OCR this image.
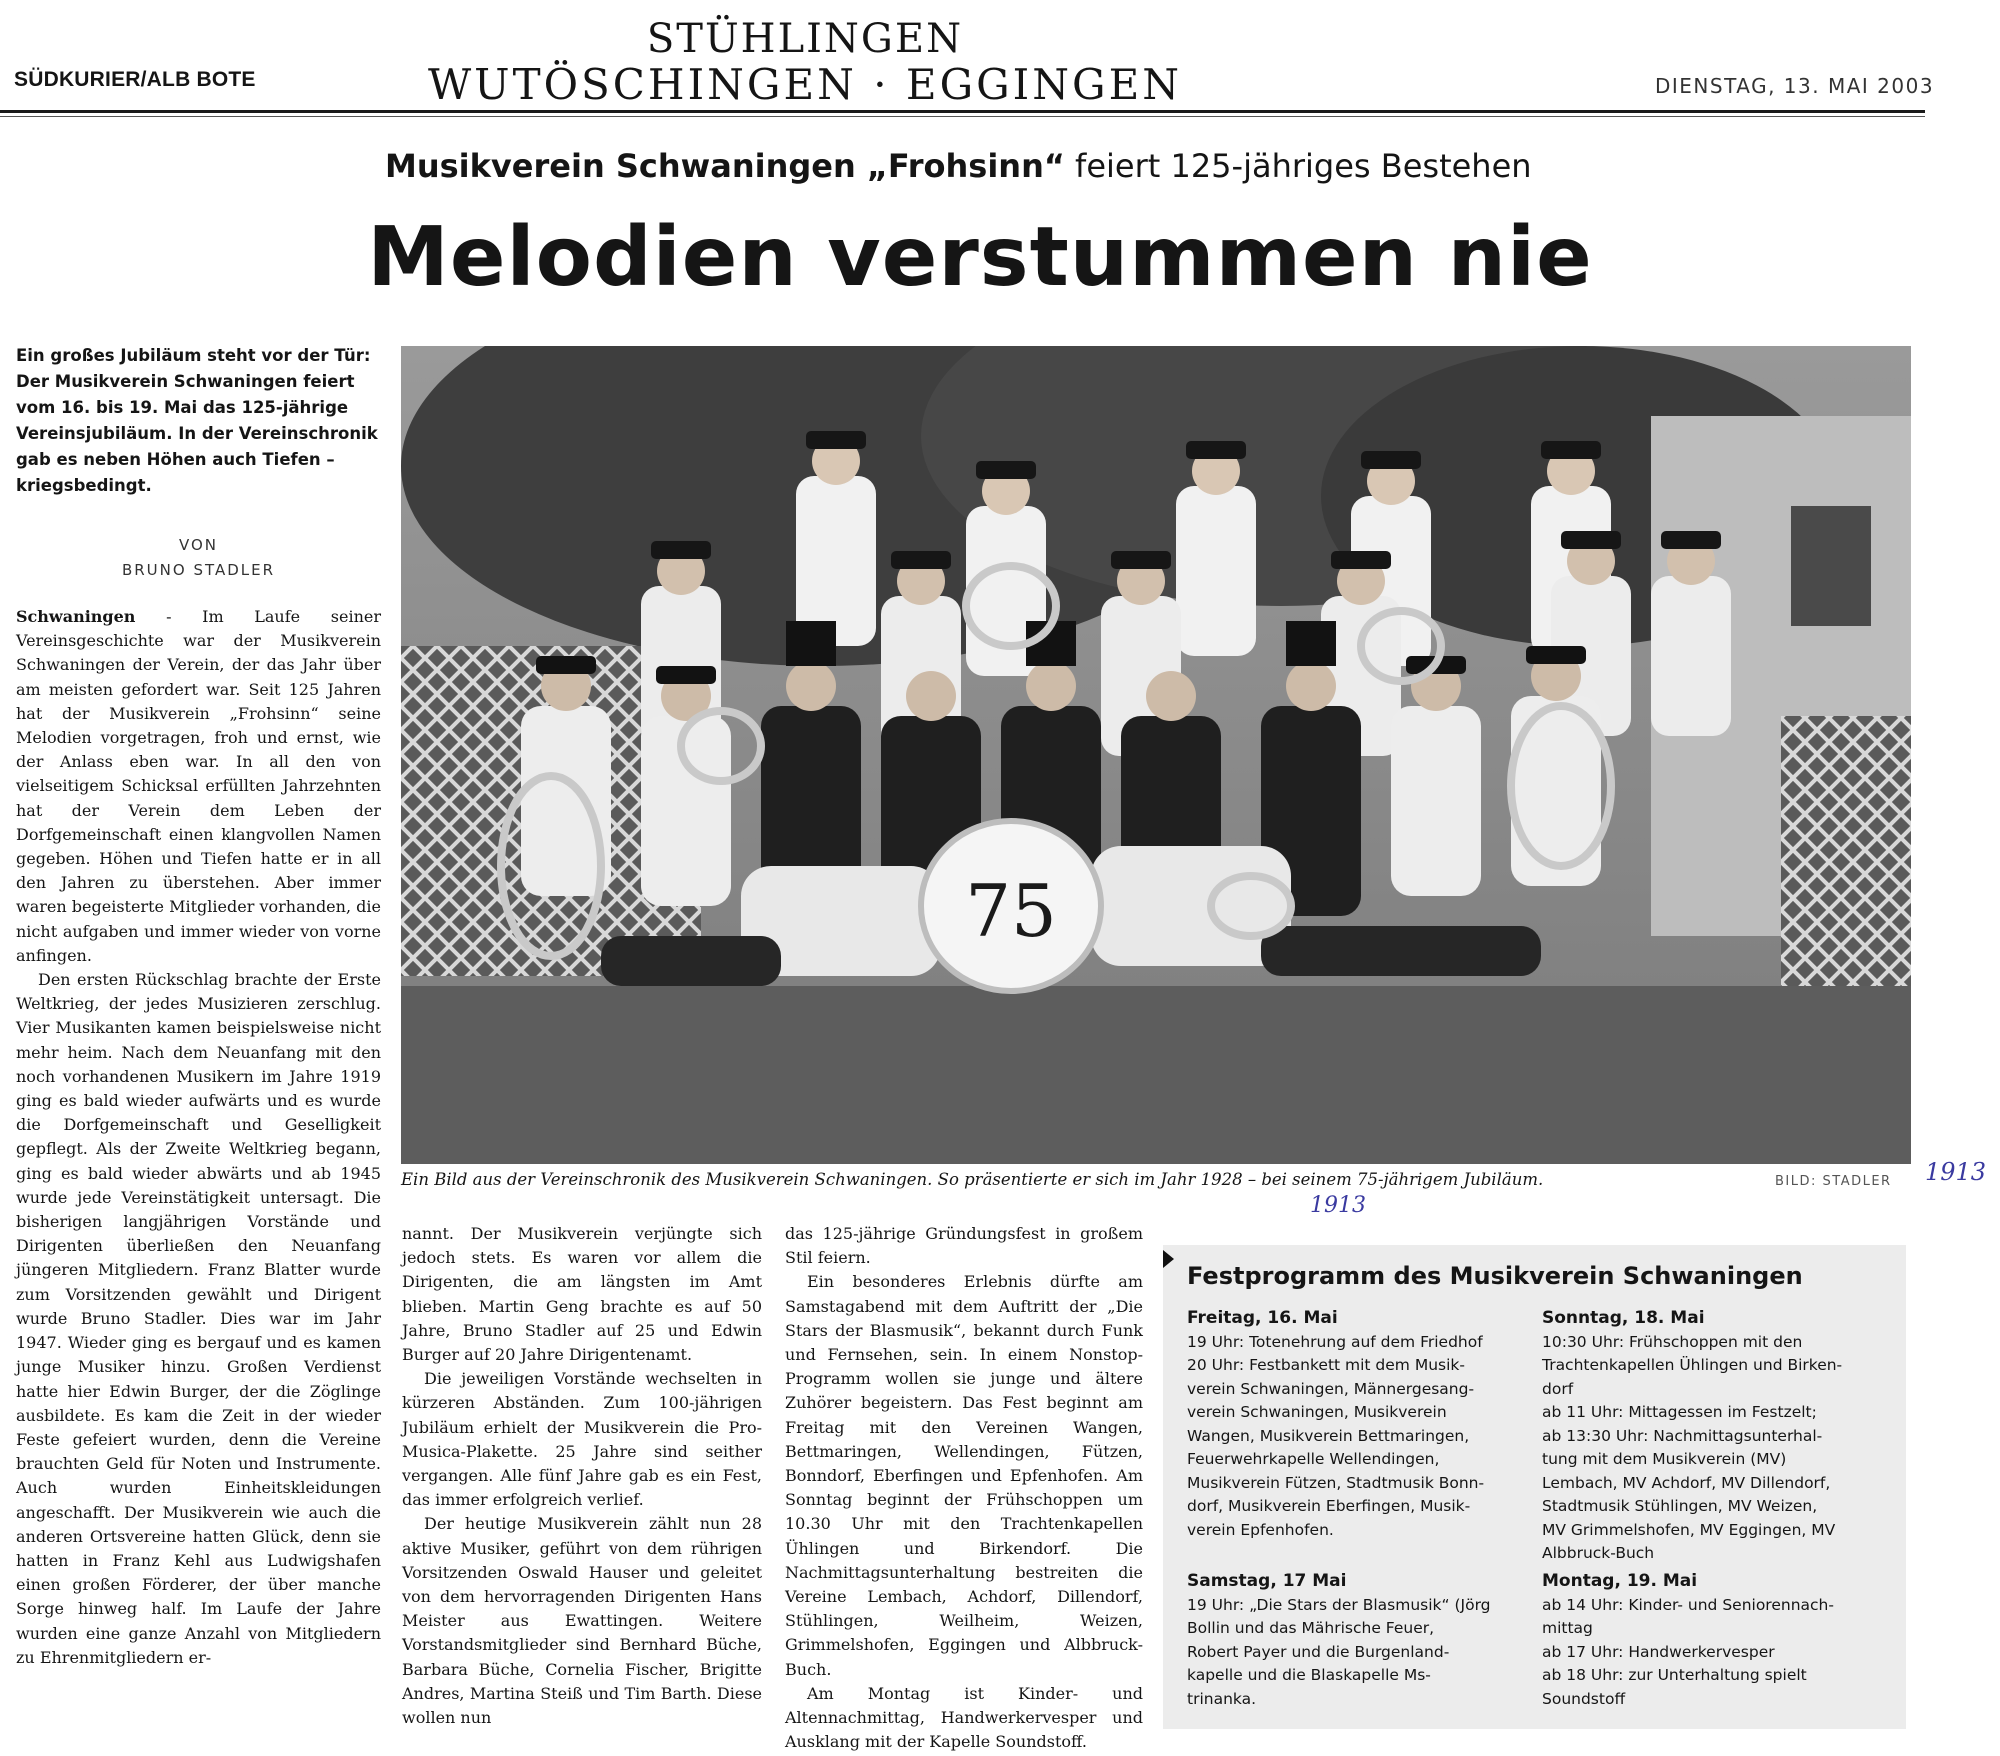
SÜDKURIER/ALB BOTE
STÜHLINGEN
WUTÖSCHINGEN · EGGINGEN	DIENSTAG, 13. MAI 2003
Musikverein Schwaningen „Frohsinn“ feiert 125-jähriges Bestehen
Melodien verstummen nie
Ein großes Jubiläum steht vor der Tür: Der Musikverein Schwaningen feiert vom 16. bis 19. Mai das 125-jährige Vereinsjubiläum. In der Vereinschronik gab es neben Höhen auch Tiefen – kriegsbedingt.
VON
BRUNO STADLER

Schwaningen - Im Laufe seiner Vereinsgeschichte war der Musikverein Schwaningen der Verein, der das Jahr über am meisten gefordert war. Seit 125 Jahren hat der Musikverein „Frohsinn“ seine Melodien vorgetragen, froh und ernst, wie der Anlass eben war. In all den von vielseitigem Schicksal erfüllten Jahrzehnten hat der Verein dem Leben der Dorfgemeinschaft einen klangvollen Namen gegeben. Höhen und Tiefen hatte er in all den Jahren zu überstehen. Aber immer waren begeisterte Mitglieder vorhanden, die nicht aufgaben und immer wieder von vorne anfingen.

Den ersten Rückschlag brachte der Erste Weltkrieg, der jedes Musizieren zerschlug. Vier Musikanten kamen beispielsweise nicht mehr heim. Nach dem Neuanfang mit den noch vorhandenen Musikern im Jahre 1919 ging es bald wieder aufwärts und es wurde die Dorfgemeinschaft und Geselligkeit gepflegt. Als der Zweite Weltkrieg begann, ging es bald wieder abwärts und ab 1945 wurde jede Vereinstätigkeit untersagt. Die bisherigen langjährigen Vorstände und Dirigenten überließen den Neuanfang jüngeren Mitgliedern. Franz Blatter wurde zum Vorsitzenden gewählt und Dirigent wurde Bruno Stadler. Dies war im Jahr 1947. Wieder ging es bergauf und es kamen junge Musiker hinzu. Großen Verdienst hatte hier Edwin Burger, der die Zöglinge ausbildete. Es kam die Zeit in der wieder Feste gefeiert wurden, denn die Vereine brauchten Geld für Noten und Instrumente. Auch wurden Einheitskleidungen angeschafft. Der Musikverein wie auch die anderen Ortsvereine hatten Glück, denn sie hatten in Franz Kehl aus Ludwigshafen einen großen Förderer, der über manche Sorge hinweg half. Im Laufe der Jahre wurden eine ganze Anzahl von Mitgliedern zu Ehrenmitgliedern er-

75
Ein Bild aus der Vereinschronik des Musikverein Schwaningen. So präsentierte er sich im Jahr 1928 – bei seinem 75-jährigem Jubiläum.	BILD: STADLER 1913
1913

nannt. Der Musikverein verjüngte sich jedoch stets. Es waren vor allem die Dirigenten, die am längsten im Amt blieben. Martin Geng brachte es auf 50 Jahre, Bruno Stadler auf 25 und Edwin Burger auf 20 Jahre Dirigentenamt.

Die jeweiligen Vorstände wechselten in kürzeren Abständen. Zum 100-jährigen Jubiläum erhielt der Musikverein die Pro-Musica-Plakette. 25 Jahre sind seither vergangen. Alle fünf Jahre gab es ein Fest, das immer erfolgreich verlief.

Der heutige Musikverein zählt nun 28 aktive Musiker, geführt von dem rührigen Vorsitzenden Oswald Hauser und geleitet von dem hervorragenden Dirigenten Hans Meister aus Ewattingen. Weitere Vorstandsmitglieder sind Bernhard Büche, Barbara Büche, Cornelia Fischer, Brigitte Andres, Martina Steiß und Tim Barth. Diese wollen nun

das 125-jährige Gründungsfest in großem Stil feiern.

Ein besonderes Erlebnis dürfte am Samstagabend mit dem Auftritt der „Die Stars der Blasmusik“, bekannt durch Funk und Fernsehen, sein. In einem Nonstop-Programm wollen sie junge und ältere Zuhörer begeistern. Das Fest beginnt am Freitag mit den Vereinen Wangen, Bettmaringen, Wellendingen, Fützen, Bonndorf, Eberfingen und Epfenhofen. Am Sonntag beginnt der Frühschoppen um 10.30 Uhr mit den Trachtenkapellen Ühlingen und Birkendorf. Die Nachmittagsunterhaltung bestreiten die Vereine Lembach, Achdorf, Dillendorf, Stühlingen, Weilheim, Weizen, Grimmelshofen, Eggingen und Albbruck-Buch.

Am Montag ist Kinder- und Altennachmittag, Handwerkervesper und Ausklang mit der Kapelle Soundstoff.

Festprogramm des Musikverein Schwaningen
Freitag, 16. Mai
19 Uhr: Totenehrung auf dem Friedhof
20 Uhr: Festbankett mit dem Musik-
verein Schwaningen, Männergesang-
verein Schwaningen, Musikverein
Wangen, Musikverein Bettmaringen,
Feuerwehrkapelle Wellendingen,
Musikverein Fützen, Stadtmusik Bonn-
dorf, Musikverein Eberfingen, Musik-
verein Epfenhofen.
Samstag, 17 Mai
19 Uhr: „Die Stars der Blasmusik“ (Jörg
Bollin und das Mährische Feuer,
Robert Payer und die Burgenland-
kapelle und die Blaskapelle Ms-
trinanka.
Sonntag, 18. Mai
10:30 Uhr: Frühschoppen mit den
Trachtenkapellen Ühlingen und Birken-
dorf
ab 11 Uhr: Mittagessen im Festzelt;
ab 13:30 Uhr: Nachmittagsunterhal-
tung mit dem Musikverein (MV)
Lembach, MV Achdorf, MV Dillendorf,
Stadtmusik Stühlingen, MV Weizen,
MV Grimmelshofen, MV Eggingen, MV
Albbruck-Buch
Montag, 19. Mai
ab 14 Uhr: Kinder- und Seniorennach-
mittag
ab 17 Uhr: Handwerkervesper
ab 18 Uhr: zur Unterhaltung spielt
Soundstoff
